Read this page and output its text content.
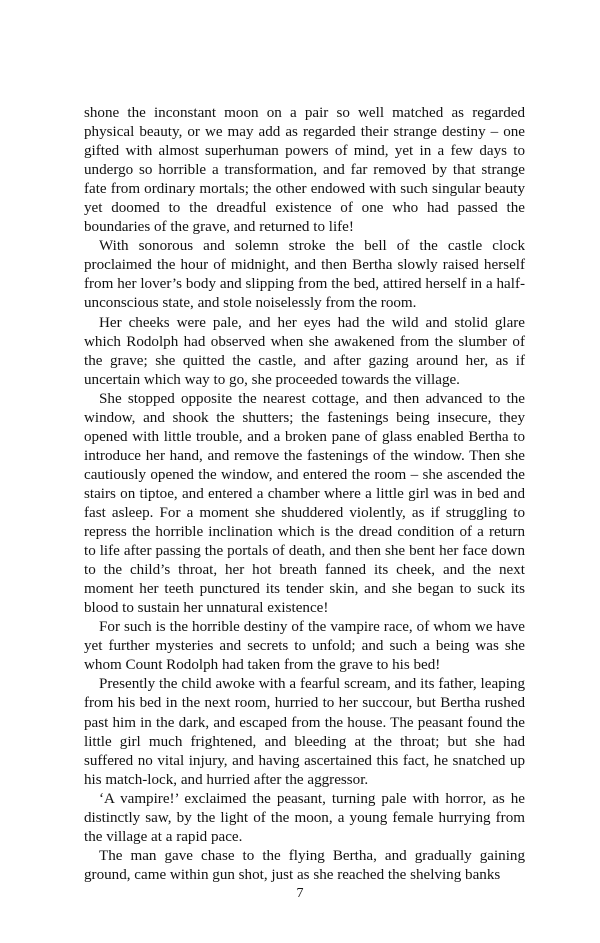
shone the inconstant moon on a pair so well matched as regarded physical beauty, or we may add as regarded their strange destiny – one gifted with almost superhuman powers of mind, yet in a few days to undergo so horrible a transformation, and far removed by that strange fate from ordinary mortals; the other endowed with such singular beauty yet doomed to the dreadful existence of one who had passed the boundaries of the grave, and returned to life!

With sonorous and solemn stroke the bell of the castle clock proclaimed the hour of midnight, and then Bertha slowly raised herself from her lover’s body and slipping from the bed, attired herself in a half-unconscious state, and stole noiselessly from the room.

Her cheeks were pale, and her eyes had the wild and stolid glare which Rodolph had observed when she awakened from the slumber of the grave; she quitted the castle, and after gazing around her, as if uncertain which way to go, she proceeded towards the village.

She stopped opposite the nearest cottage, and then advanced to the window, and shook the shutters; the fastenings being insecure, they opened with little trouble, and a broken pane of glass enabled Bertha to introduce her hand, and remove the fastenings of the window. Then she cautiously opened the window, and entered the room – she ascended the stairs on tiptoe, and entered a chamber where a little girl was in bed and fast asleep. For a moment she shuddered violently, as if struggling to repress the horrible inclination which is the dread condition of a return to life after passing the portals of death, and then she bent her face down to the child’s throat, her hot breath fanned its cheek, and the next moment her teeth punctured its tender skin, and she began to suck its blood to sustain her unnatural existence!

For such is the horrible destiny of the vampire race, of whom we have yet further mysteries and secrets to unfold; and such a being was she whom Count Rodolph had taken from the grave to his bed!

Presently the child awoke with a fearful scream, and its father, leaping from his bed in the next room, hurried to her succour, but Bertha rushed past him in the dark, and escaped from the house. The peasant found the little girl much frightened, and bleeding at the throat; but she had suffered no vital injury, and having ascertained this fact, he snatched up his match-lock, and hurried after the aggressor.

‘A vampire!’ exclaimed the peasant, turning pale with horror, as he distinctly saw, by the light of the moon, a young female hurrying from the village at a rapid pace.

The man gave chase to the flying Bertha, and gradually gaining ground, came within gun shot, just as she reached the shelving banks

7
